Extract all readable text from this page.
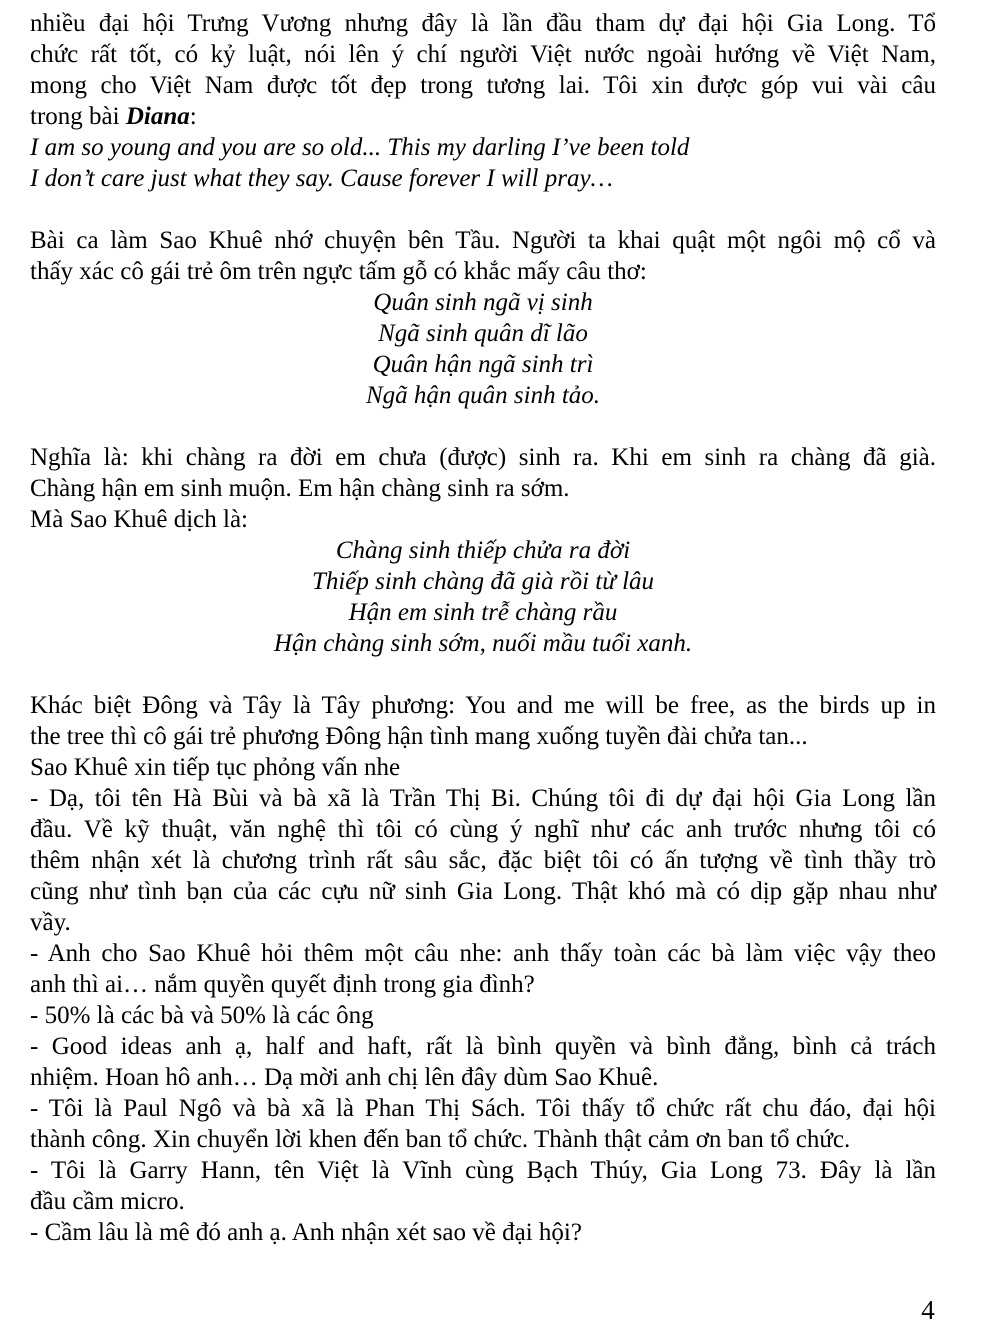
nhiều đại hội Trưng Vương nhưng đây là lần đầu tham dự đại hội Gia Long. Tổ

chức rất tốt, có kỷ luật, nói lên ý chí người Việt nước ngoài hướng về Việt Nam,

mong cho Việt Nam được tốt đẹp trong tương lai. Tôi xin được góp vui vài câu

trong bài Diana:

I am so young and you are so old... This my darling I’ve been told

I don’t care just what they say. Cause forever I will pray…

Bài ca làm Sao Khuê nhớ chuyện bên Tầu. Người ta khai quật một ngôi mộ cổ và

thấy xác cô gái trẻ ôm trên ngực tấm gỗ có khắc mấy câu thơ:

Quân sinh ngã vị sinh

Ngã sinh quân dĩ lão

Quân hận ngã sinh trì

Ngã hận quân sinh tảo.

Nghĩa là: khi chàng ra đời em chưa (được) sinh ra. Khi em sinh ra chàng đã già.

Chàng hận em sinh muộn. Em hận chàng sinh ra sớm.

Mà Sao Khuê dịch là:

Chàng sinh thiếp chửa ra đời

Thiếp sinh chàng đã già rồi từ lâu

Hận em sinh trễ chàng rầu

Hận chàng sinh sớm, nuối mầu tuổi xanh.

Khác biệt Đông và Tây là Tây phương: You and me will be free, as the birds up in

the tree thì cô gái trẻ phương Đông hận tình mang xuống tuyền đài chửa tan...

Sao Khuê xin tiếp tục phỏng vấn nhe

- Dạ, tôi tên Hà Bùi và bà xã là Trần Thị Bi. Chúng tôi đi dự đại hội Gia Long lần

đầu. Về kỹ thuật, văn nghệ thì tôi có cùng ý nghĩ như các anh trước nhưng tôi có

thêm nhận xét là chương trình rất sâu sắc, đặc biệt tôi có ấn tượng về tình thầy trò

cũng như tình bạn của các cựu nữ sinh Gia Long. Thật khó mà có dịp gặp nhau như

vầy.

- Anh cho Sao Khuê hỏi thêm một câu nhe: anh thấy toàn các bà làm việc vậy theo

anh thì ai… nắm quyền quyết định trong gia đình?

- 50% là các bà và 50% là các ông

- Good ideas anh ạ, half and haft, rất là bình quyền và bình đẳng, bình cả trách

nhiệm. Hoan hô anh… Dạ mời anh chị lên đây dùm Sao Khuê.

- Tôi là Paul Ngô và bà xã là Phan Thị Sách. Tôi thấy tổ chức rất chu đáo, đại hội

thành công. Xin chuyển lời khen đến ban tổ chức. Thành thật cảm ơn ban tổ chức.

- Tôi là Garry Hann, tên Việt là Vĩnh cùng Bạch Thúy, Gia Long 73. Đây là lần

đầu cầm micro.

- Cầm lâu là mê đó anh ạ. Anh nhận xét sao về đại hội?

4
